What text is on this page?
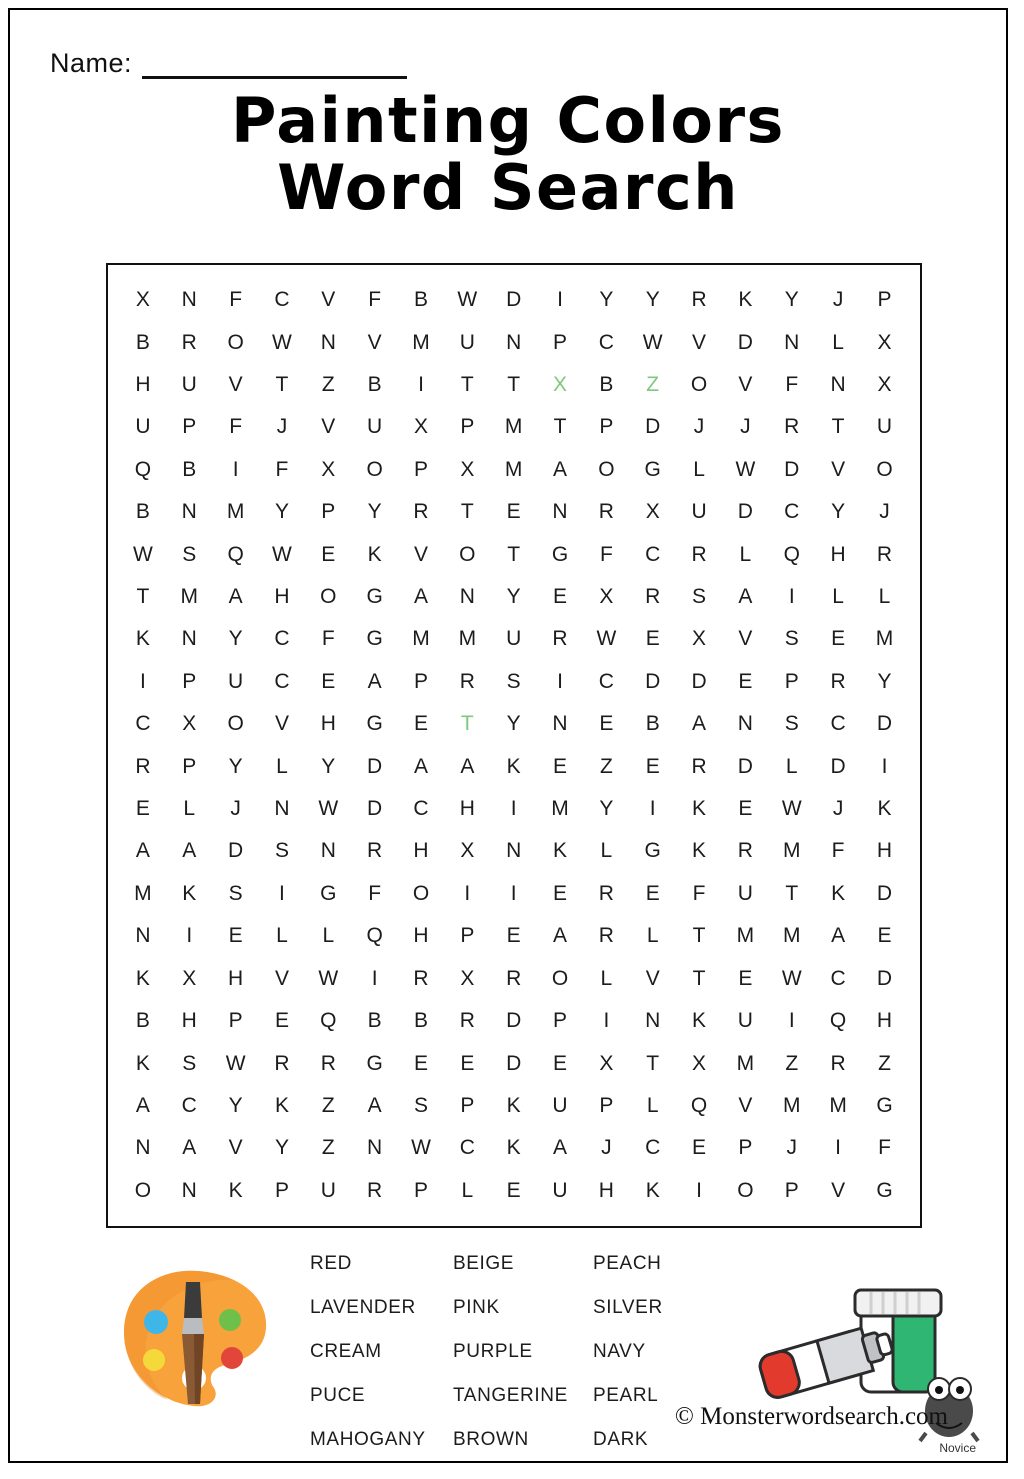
Name:
Painting Colors
Word Search
X	N	F	C	V	F	B	W	D	I	Y	Y	R	K	Y	J	P
B	R	O	W	N	V	M	U	N	P	C	W	V	D	N	L	X
H	U	V	T	Z	B	I	T	T	X	B	Z	O	V	F	N	X
U	P	F	J	V	U	X	P	M	T	P	D	J	J	R	T	U
Q	B	I	F	X	O	P	X	M	A	O	G	L	W	D	V	O
B	N	M	Y	P	Y	R	T	E	N	R	X	U	D	C	Y	J
W	S	Q	W	E	K	V	O	T	G	F	C	R	L	Q	H	R
T	M	A	H	O	G	A	N	Y	E	X	R	S	A	I	L	L
K	N	Y	C	F	G	M	M	U	R	W	E	X	V	S	E	M
I	P	U	C	E	A	P	R	S	I	C	D	D	E	P	R	Y
C	X	O	V	H	G	E	T	Y	N	E	B	A	N	S	C	D
R	P	Y	L	Y	D	A	A	K	E	Z	E	R	D	L	D	I
E	L	J	N	W	D	C	H	I	M	Y	I	K	E	W	J	K
A	A	D	S	N	R	H	X	N	K	L	G	K	R	M	F	H
M	K	S	I	G	F	O	I	I	E	R	E	F	U	T	K	D
N	I	E	L	L	Q	H	P	E	A	R	L	T	M	M	A	E
K	X	H	V	W	I	R	X	R	O	L	V	T	E	W	C	D
B	H	P	E	Q	B	B	R	D	P	I	N	K	U	I	Q	H
K	S	W	R	R	G	E	E	D	E	X	T	X	M	Z	R	Z
A	C	Y	K	Z	A	S	P	K	U	P	L	Q	V	M	M	G
N	A	V	Y	Z	N	W	C	K	A	J	C	E	P	J	I	F
O	N	K	P	U	R	P	L	E	U	H	K	I	O	P	V	G
RED	BEIGE	PEACH
LAVENDER	PINK	SILVER
CREAM	PURPLE	NAVY
PUCE	TANGERINE	PEARL
MAHOGANY	BROWN	DARK
© Monsterwordsearch.com
Novice
